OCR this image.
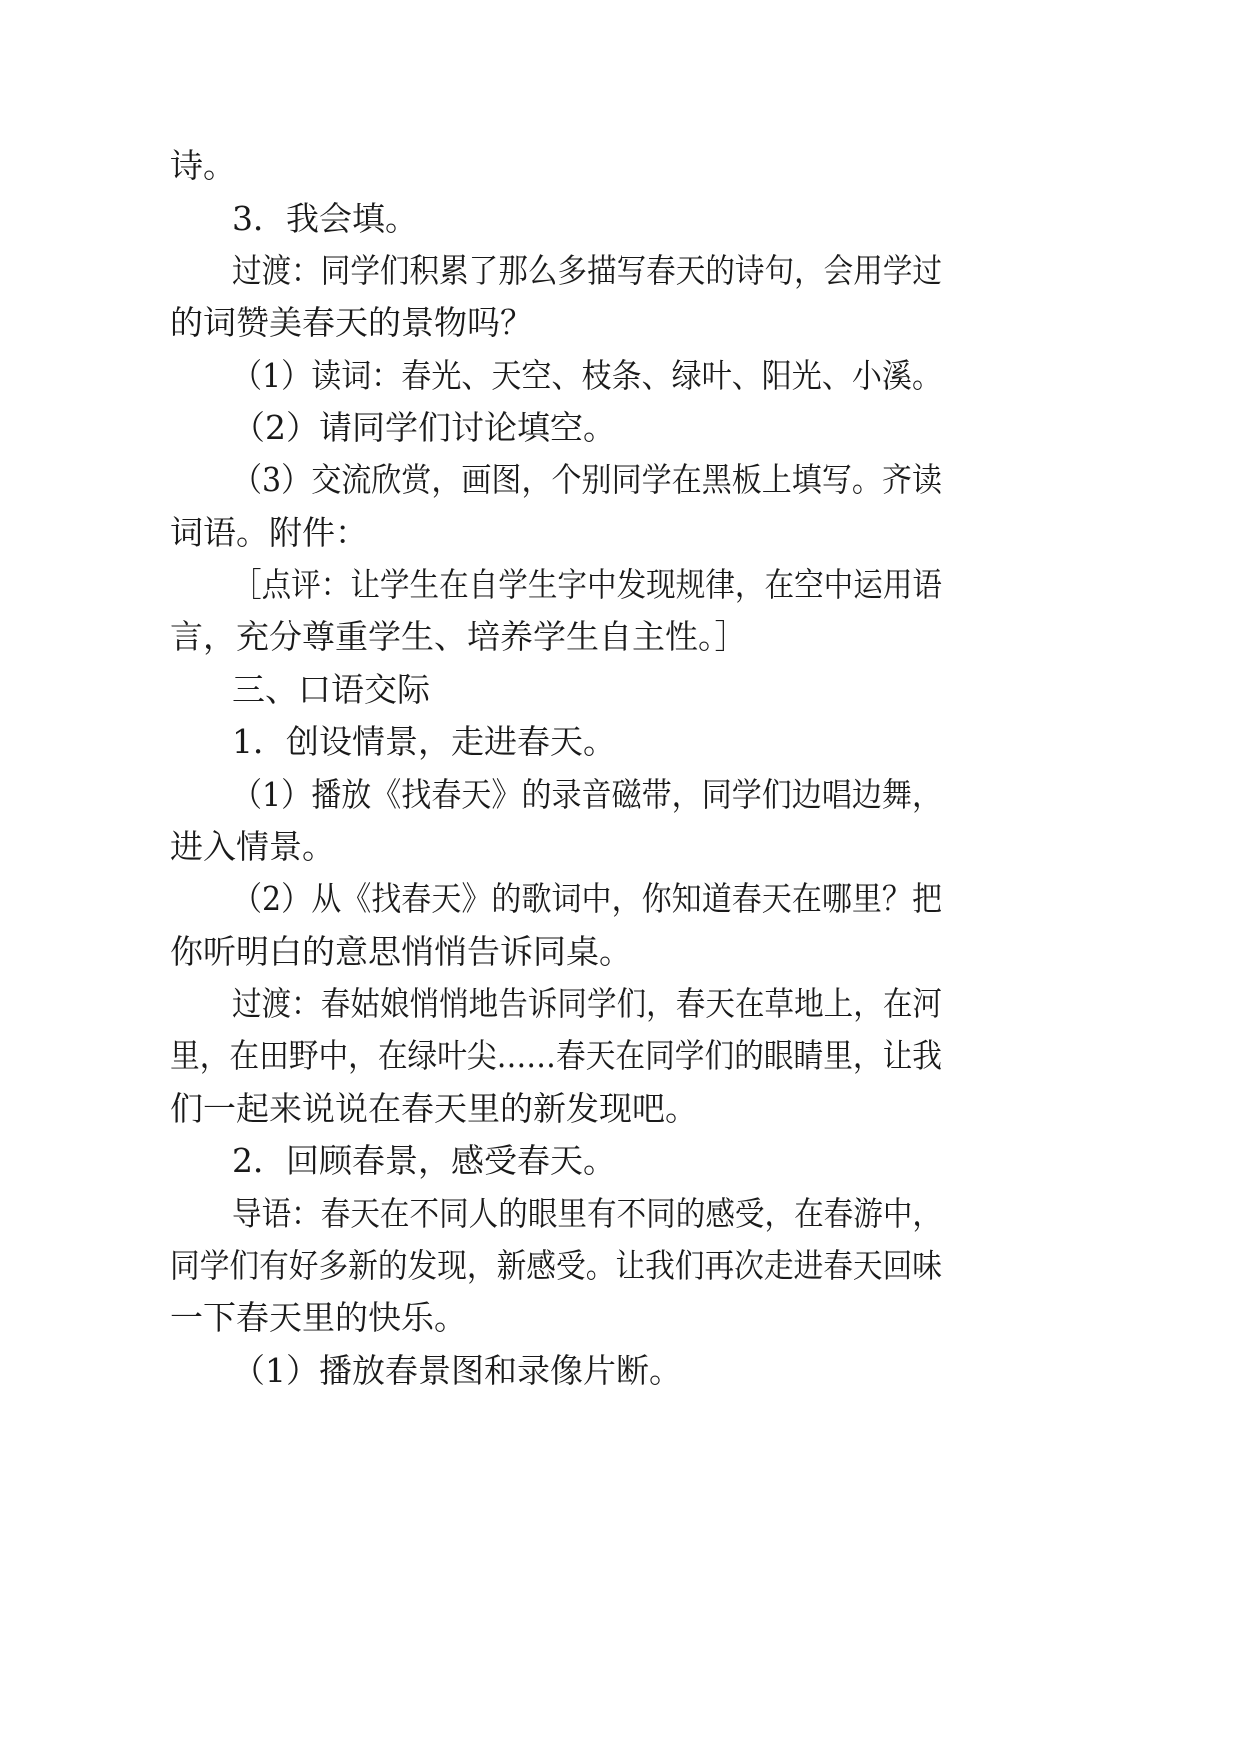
诗。

3．我会填。

过渡：同学们积累了那么多描写春天的诗句，会用学过

的词赞美春天的景物吗？

（1）读词：春光、天空、枝条、绿叶、阳光、小溪。

（2）请同学们讨论填空。

（3）交流欣赏，画图，个别同学在黑板上填写。齐读

词语。附件：

［点评：让学生在自学生字中发现规律，在空中运用语

言，充分尊重学生、培养学生自主性。］

三、口语交际

1．创设情景，走进春天。

（1）播放《找春天》的录音磁带，同学们边唱边舞，

进入情景。

（2）从《找春天》的歌词中，你知道春天在哪里？把

你听明白的意思悄悄告诉同桌。

过渡：春姑娘悄悄地告诉同学们，春天在草地上，在河

里，在田野中，在绿叶尖……春天在同学们的眼睛里，让我

们一起来说说在春天里的新发现吧。

2．回顾春景，感受春天。

导语：春天在不同人的眼里有不同的感受，在春游中，

同学们有好多新的发现，新感受。让我们再次走进春天回味

一下春天里的快乐。

（1）播放春景图和录像片断。
